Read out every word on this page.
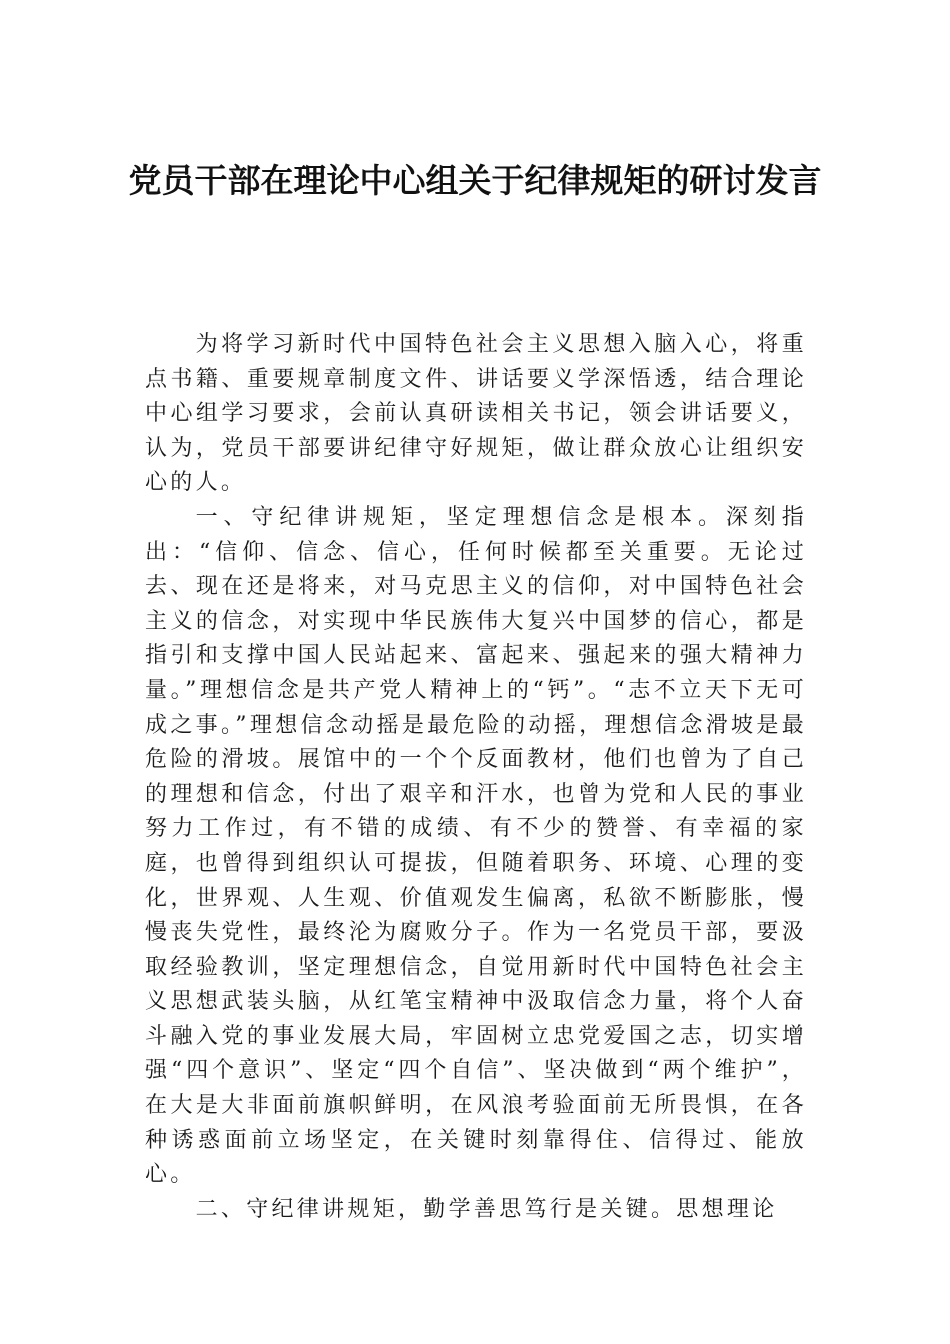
党员干部在理论中心组关于纪律规矩的研讨发言

为将学习新时代中国特色社会主义思想入脑入心，将重点书籍、重要规章制度文件、讲话要义学深悟透，结合理论中心组学习要求，会前认真研读相关书记，领会讲话要义，认为，党员干部要讲纪律守好规矩，做让群众放心让组织安心的人。

一、守纪律讲规矩，坚定理想信念是根本。深刻指出：“信仰、信念、信心，任何时候都至关重要。无论过去、现在还是将来，对马克思主义的信仰，对中国特色社会主义的信念，对实现中华民族伟大复兴中国梦的信心，都是指引和支撑中国人民站起来、富起来、强起来的强大精神力量。”理想信念是共产党人精神上的“钙”。“志不立天下无可成之事。”理想信念动摇是最危险的动摇，理想信念滑坡是最危险的滑坡。展馆中的一个个反面教材，他们也曾为了自己的理想和信念，付出了艰辛和汗水，也曾为党和人民的事业努力工作过，有不错的成绩、有不少的赞誉、有幸福的家庭，也曾得到组织认可提拔，但随着职务、环境、心理的变化，世界观、人生观、价值观发生偏离，私欲不断膨胀，慢慢丧失党性，最终沦为腐败分子。作为一名党员干部，要汲取经验教训，坚定理想信念，自觉用新时代中国特色社会主义思想武装头脑，从红笔宝精神中汲取信念力量，将个人奋斗融入党的事业发展大局，牢固树立忠党爱国之志，切实增强“四个意识”、坚定“四个自信”、坚决做到“两个维护”，在大是大非面前旗帜鲜明，在风浪考验面前无所畏惧，在各种诱惑面前立场坚定，在关键时刻靠得住、信得过、能放心。

二、守纪律讲规矩，勤学善思笃行是关键。思想理论
